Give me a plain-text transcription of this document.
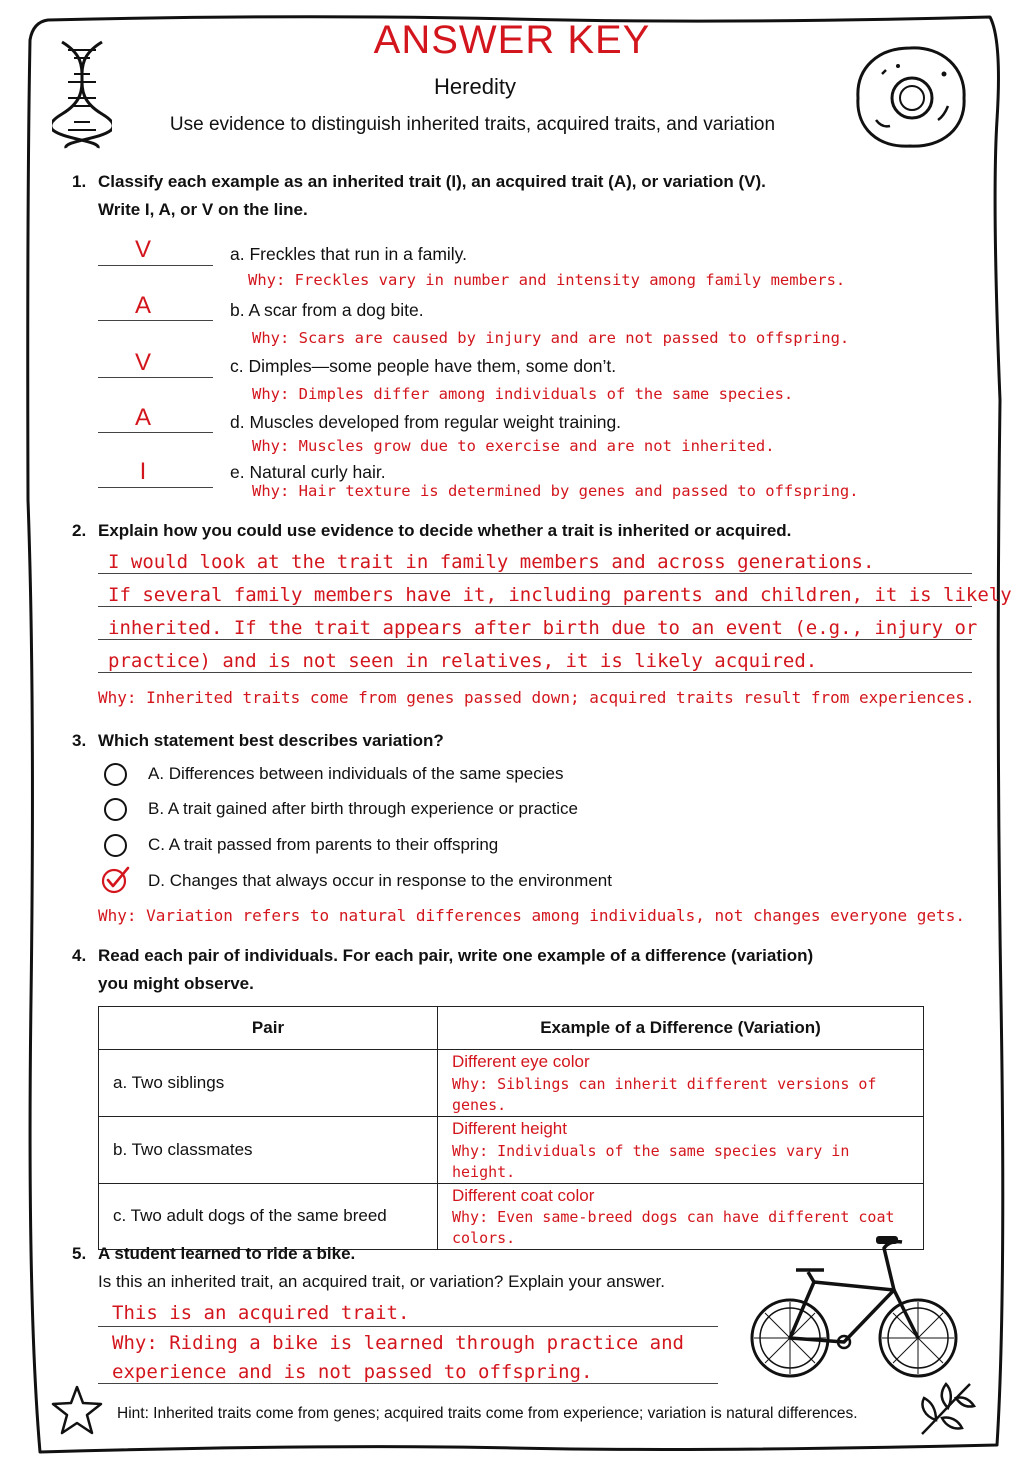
ANSWER KEY
Heredity
Use evidence to distinguish inherited traits, acquired traits, and variation
1. Classify each example as an inherited trait (I), an acquired trait (A), or variation (V).
Write I, A, or V on the line.
V	a. Freckles that run in a family.
Why: Freckles vary in number and intensity among family members.
A	b. A scar from a dog bite.
Why: Scars are caused by injury and are not passed to offspring.
V	c. Dimples—some people have them, some don’t.
Why: Dimples differ among individuals of the same species.
A	d. Muscles developed from regular weight training.
Why: Muscles grow due to exercise and are not inherited.
I	e. Natural curly hair.
Why: Hair texture is determined by genes and passed to offspring.
2. Explain how you could use evidence to decide whether a trait is inherited or acquired.
I would look at the trait in family members and across generations.
If several family members have it, including parents and children, it is likely
inherited. If the trait appears after birth due to an event (e.g., injury or
practice) and is not seen in relatives, it is likely acquired.
Why: Inherited traits come from genes passed down; acquired traits result from experiences.
3. Which statement best describes variation?
A. Differences between individuals of the same species
B. A trait gained after birth through experience or practice
C. A trait passed from parents to their offspring
D. Changes that always occur in response to the environment
Why: Variation refers to natural differences among individuals, not changes everyone gets.
4. Read each pair of individuals. For each pair, write one example of a difference (variation)
you might observe.
Pair	Example of a Difference (Variation)
a. Two siblings	Different eye color
Why: Siblings can inherit different versions of genes.

b. Two classmates	Different height
Why: Individuals of the same species vary in height.

c. Two adult dogs of the same breed	Different coat color
Why: Even same-breed dogs can have different coat colors.
5. A student learned to ride a bike.
Is this an inherited trait, an acquired trait, or variation? Explain your answer.
This is an acquired trait.
Why: Riding a bike is learned through practice and
experience and is not passed to offspring.
Hint: Inherited traits come from genes; acquired traits come from experience; variation is natural differences.
